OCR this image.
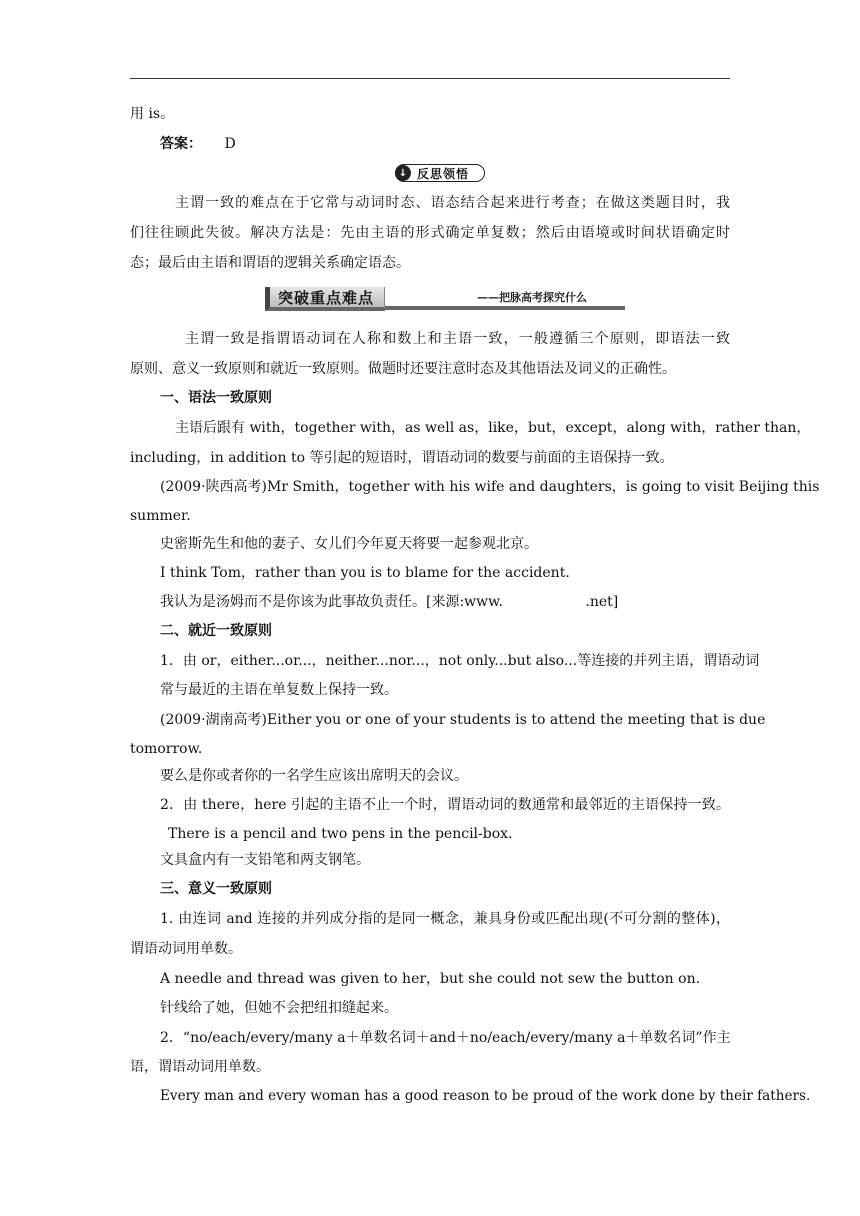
用 is。
答案： D
↓ 反思领悟
主谓一致的难点在于它常与动词时态、语态结合起来进行考查；在做这类题目时，我
们往往顾此失彼。解决方法是：先由主语的形式确定单复数；然后由语境或时间状语确定时
态；最后由主语和谓语的逻辑关系确定语态。
突破重点难点	——把脉高考探究什么
主谓一致是指谓语动词在人称和数上和主语一致，一般遵循三个原则，即语法一致
原则、意义一致原则和就近一致原则。做题时还要注意时态及其他语法及词义的正确性。
一、语法一致原则
主语后跟有 with，together with，as well as，like，but，except，along with，rather than，
including，in addition to 等引起的短语时，谓语动词的数要与前面的主语保持一致。
(2009·陕西高考)Mr Smith，together with his wife and daughters，is going to visit Beijing this
summer.
史密斯先生和他的妻子、女儿们今年夏天将要一起参观北京。
I think Tom，rather than you is to blame for the accident.
我认为是汤姆而不是你该为此事故负责任。[来源:www.	.net]
二、就近一致原则
1．由 or，either...or...，neither...nor...，not only...but also...等连接的并列主语，谓语动词
常与最近的主语在单复数上保持一致。
(2009·湖南高考)Either you or one of your students is to attend the meeting that is due
tomorrow.
要么是你或者你的一名学生应该出席明天的会议。
2．由 there，here 引起的主语不止一个时，谓语动词的数通常和最邻近的主语保持一致。
There is a pencil and two pens in the pencil-box.
文具盒内有一支铅笔和两支钢笔。
三、意义一致原则
1. 由连词 and 连接的并列成分指的是同一概念，兼具身份或匹配出现(不可分割的整体)，
谓语动词用单数。
A needle and thread was given to her，but she could not sew the button on.
针线给了她，但她不会把纽扣缝起来。
2．“no/each/every/many a＋单数名词＋and＋no/each/every/many a＋单数名词”作主
语，谓语动词用单数。
Every man and every woman has a good reason to be proud of the work done by their fathers.
